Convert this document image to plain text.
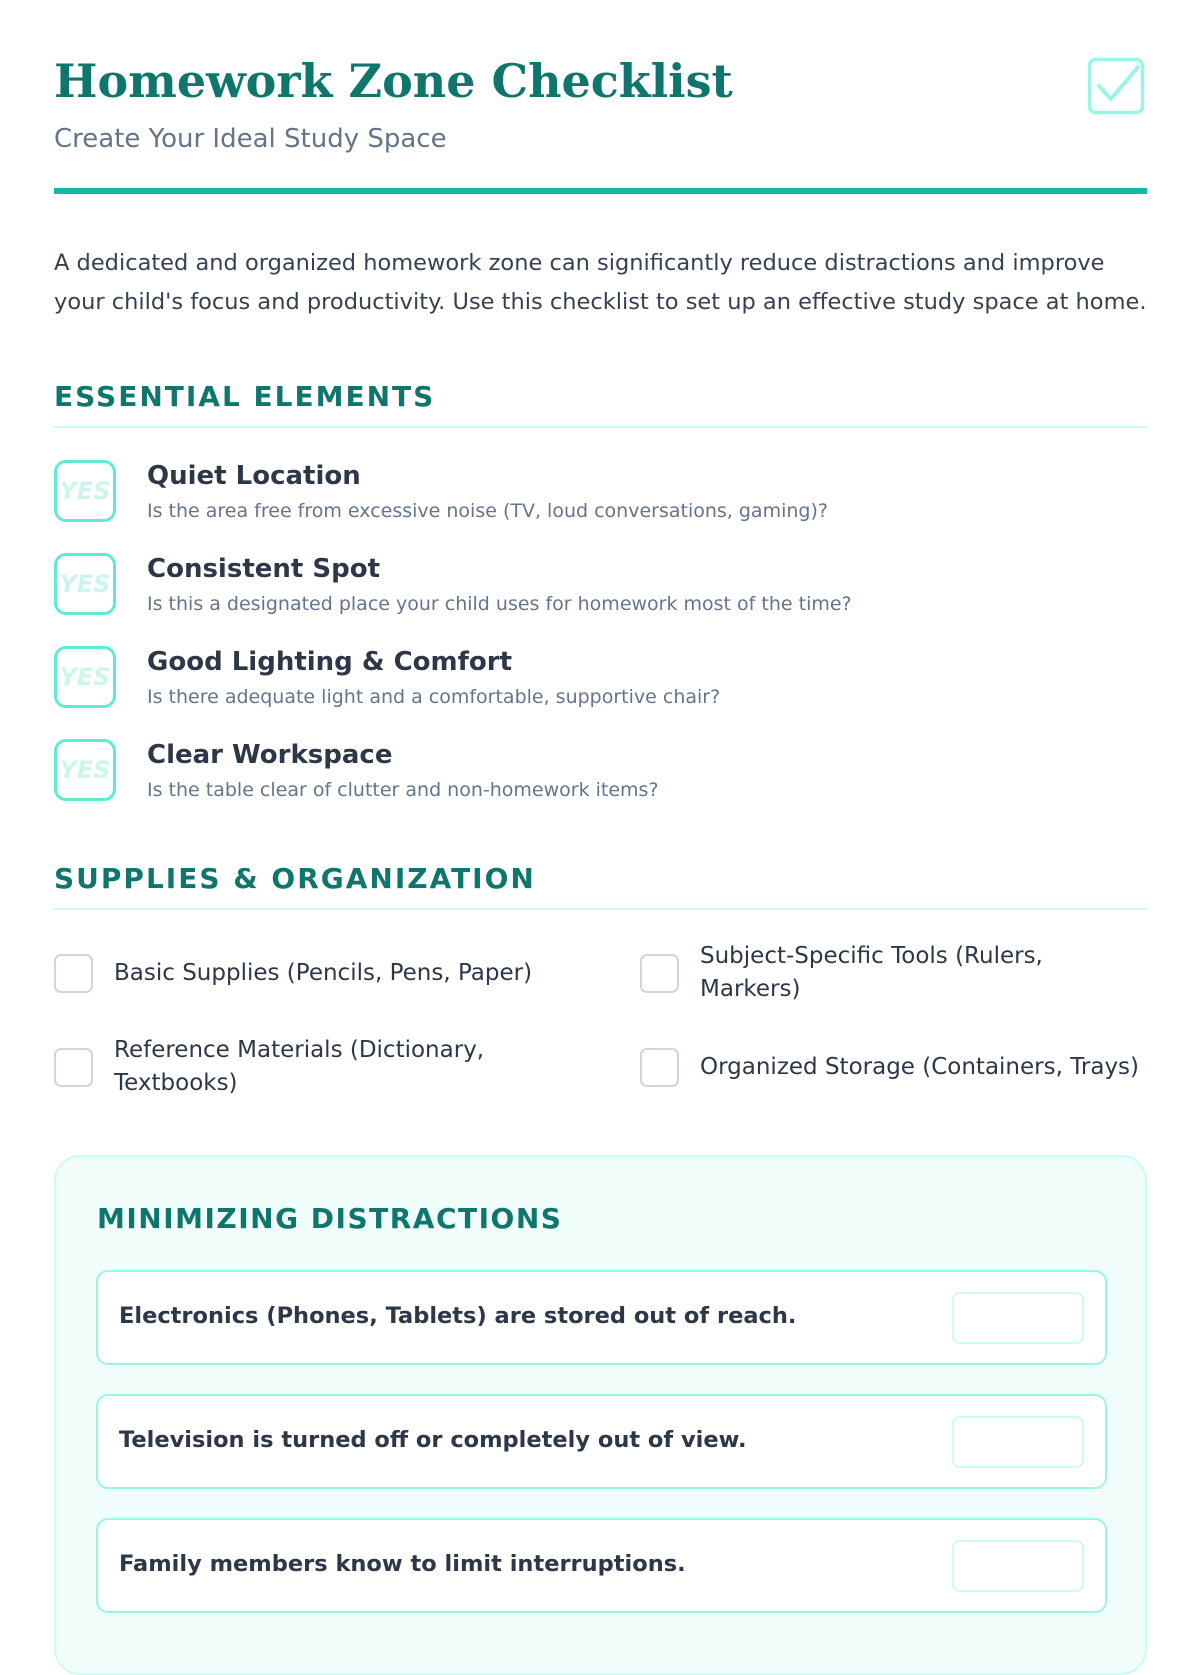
Homework Zone Checklist
Create Your Ideal Study Space

A dedicated and organized homework zone can significantly reduce distractions and improve your child's focus and productivity. Use this checklist to set up an effective study space at home.

ESSENTIAL ELEMENTS
YES Quiet Location
Is the area free from excessive noise (TV, loud conversations, gaming)?
YES Consistent Spot
Is this a designated place your child uses for homework most of the time?
YES Good Lighting & Comfort
Is there adequate light and a comfortable, supportive chair?
YES Clear Workspace
Is the table clear of clutter and non-homework items?
SUPPLIES & ORGANIZATION
Basic Supplies (Pencils, Pens, Paper)
Subject-Specific Tools (Rulers, Markers)
Reference Materials (Dictionary, Textbooks)
Organized Storage (Containers, Trays)
MINIMIZING DISTRACTIONS
Electronics (Phones, Tablets) are stored out of reach.
Television is turned off or completely out of view.
Family members know to limit interruptions.
